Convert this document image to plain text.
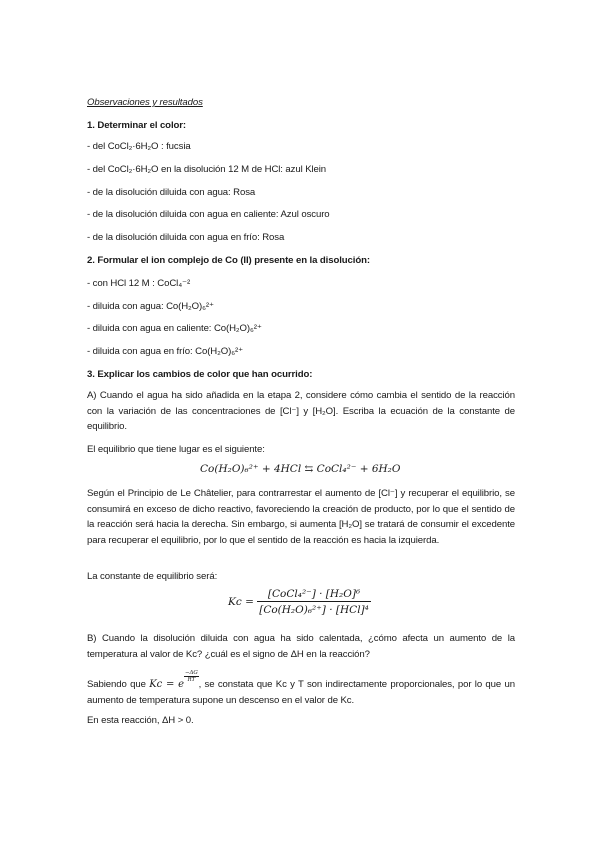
Observaciones y resultados
1. Determinar el color:
- del CoCl₂·6H₂O : fucsia
- del CoCl₂·6H₂O en la disolución 12 M de HCl: azul Klein
- de la disolución diluida con agua: Rosa
- de la disolución diluida con agua en caliente: Azul oscuro
- de la disolución diluida con agua en frío: Rosa
2. Formular el ion complejo de Co (II) presente en la disolución:
- con HCl 12 M : CoCl₄⁻²
- diluida con agua: Co(H₂O)₆²⁺
- diluida con agua en caliente: Co(H₂O)₆²⁺
- diluida con agua en frío: Co(H₂O)₆²⁺
3. Explicar los cambios de color que han ocurrido:
A) Cuando el agua ha sido añadida en la etapa 2, considere cómo cambia el sentido de la reacción con la variación de las concentraciones de [Cl⁻] y [H₂O]. Escriba la ecuación de la constante de equilibrio.
El equilibrio que tiene lugar es el siguiente:
Co(H₂O)₆²⁺ + 4HCl ⇆ CoCl₄²⁻ + 6H₂O
Según el Principio de Le Châtelier, para contrarrestar el aumento de [Cl⁻] y recuperar el equilibrio, se consumirá en exceso de dicho reactivo, favoreciendo la creación de producto, por lo que el sentido de la reacción será hacia la derecha. Sin embargo, si aumenta [H₂O] se tratará de consumir el excedente para recuperar el equilibrio, por lo que el sentido de la reacción es hacia la izquierda.
La constante de equilibrio será:
$Kc = \frac{\text{[CoCl₄²⁻] · [H₂O]⁶}}{\text{[Co(H₂O)₆²⁺] · [HCl]⁴}}$
B) Cuando la disolución diluida con agua ha sido calentada, ¿cómo afecta un aumento de la temperatura al valor de Kc? ¿cuál es el signo de ΔH en la reacción?
Sabiendo que Kc = e
$\frac{-\Delta G}{RT}$
, se constata que Kc y T son indirectamente proporcionales, por lo que un aumento de temperatura supone un descenso en el valor de Kc.
En esta reacción, ΔH > 0.
